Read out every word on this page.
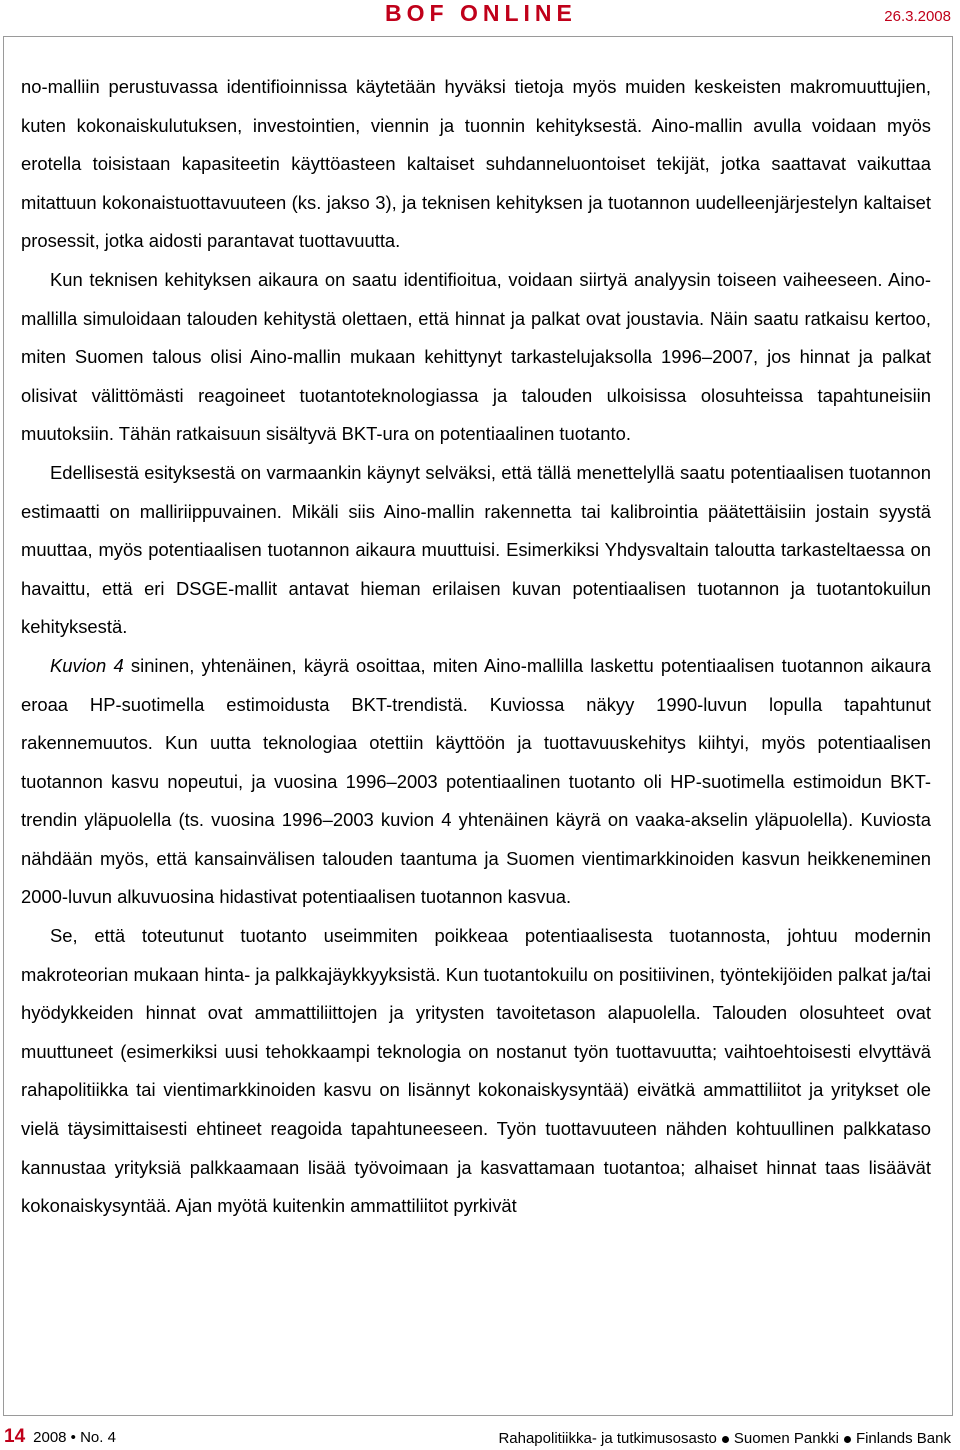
BOF ONLINE	26.3.2008

no-malliin perustuvassa identifioinnissa käytetään hyväksi tietoja myös muiden keskeisten makromuuttujien, kuten kokonaiskulutuksen, investointien, viennin ja tuonnin kehityksestä. Aino-mallin avulla voidaan myös erotella toisistaan kapasiteetin käyttöasteen kaltaiset suhdanneluontoiset tekijät, jotka saattavat vaikuttaa mitattuun kokonaistuottavuuteen (ks. jakso 3), ja teknisen kehityksen ja tuotannon uudelleenjärjestelyn kaltaiset prosessit, jotka aidosti parantavat tuottavuutta.

Kun teknisen kehityksen aikaura on saatu identifioitua, voidaan siirtyä analyysin toiseen vaiheeseen. Aino-mallilla simuloidaan talouden kehitystä olettaen, että hinnat ja palkat ovat joustavia. Näin saatu ratkaisu kertoo, miten Suomen talous olisi Aino-mallin mukaan kehittynyt tarkastelujaksolla 1996–2007, jos hinnat ja palkat olisivat välittömästi reagoineet tuotantoteknologiassa ja talouden ulkoisissa olosuhteissa tapahtuneisiin muutoksiin. Tähän ratkaisuun sisältyvä BKT-ura on potentiaalinen tuotanto.

Edellisestä esityksestä on varmaankin käynyt selväksi, että tällä menettelyllä saatu potentiaalisen tuotannon estimaatti on malliriippuvainen. Mikäli siis Aino-mallin rakennetta tai kalibrointia päätettäisiin jostain syystä muuttaa, myös potentiaalisen tuotannon aikaura muuttuisi. Esimerkiksi Yhdysvaltain taloutta tarkasteltaessa on havaittu, että eri DSGE-mallit antavat hieman erilaisen kuvan potentiaalisen tuotannon ja tuotantokuilun kehityksestä.

Kuvion 4 sininen, yhtenäinen, käyrä osoittaa, miten Aino-mallilla laskettu potentiaalisen tuotannon aikaura eroaa HP-suotimella estimoidusta BKT-trendistä. Kuviossa näkyy 1990-luvun lopulla tapahtunut rakennemuutos. Kun uutta teknologiaa otettiin käyttöön ja tuottavuuskehitys kiihtyi, myös potentiaalisen tuotannon kasvu nopeutui, ja vuosina 1996–2003 potentiaalinen tuotanto oli HP-suotimella estimoidun BKT-trendin yläpuolella (ts. vuosina 1996–2003 kuvion 4 yhtenäinen käyrä on vaaka-akselin yläpuolella). Kuviosta nähdään myös, että kansainvälisen talouden taantuma ja Suomen vientimarkkinoiden kasvun heikkeneminen 2000-luvun alkuvuosina hidastivat potentiaalisen tuotannon kasvua.

Se, että toteutunut tuotanto useimmiten poikkeaa potentiaalisesta tuotannosta, johtuu modernin makroteorian mukaan hinta- ja palkkajäykkyyksistä. Kun tuotantokuilu on positiivinen, työntekijöiden palkat ja/tai hyödykkeiden hinnat ovat ammattiliittojen ja yritysten tavoitetason alapuolella. Talouden olosuhteet ovat muuttuneet (esimerkiksi uusi tehokkaampi teknologia on nostanut työn tuottavuutta; vaihtoehtoisesti elvyttävä rahapolitiikka tai vientimarkkinoiden kasvu on lisännyt kokonaiskysyntää) eivätkä ammattiliitot ja yritykset ole vielä täysimittaisesti ehtineet reagoida tapahtuneeseen. Työn tuottavuuteen nähden kohtuullinen palkkataso kannustaa yrityksiä palkkaamaan lisää työvoimaan ja kasvattamaan tuotantoa; alhaiset hinnat taas lisäävät kokonaiskysyntää. Ajan myötä kuitenkin ammattiliitot pyrkivät

14 2008 • No. 4	Rahapolitiikka- ja tutkimusosasto Suomen Pankki Finlands Bank
